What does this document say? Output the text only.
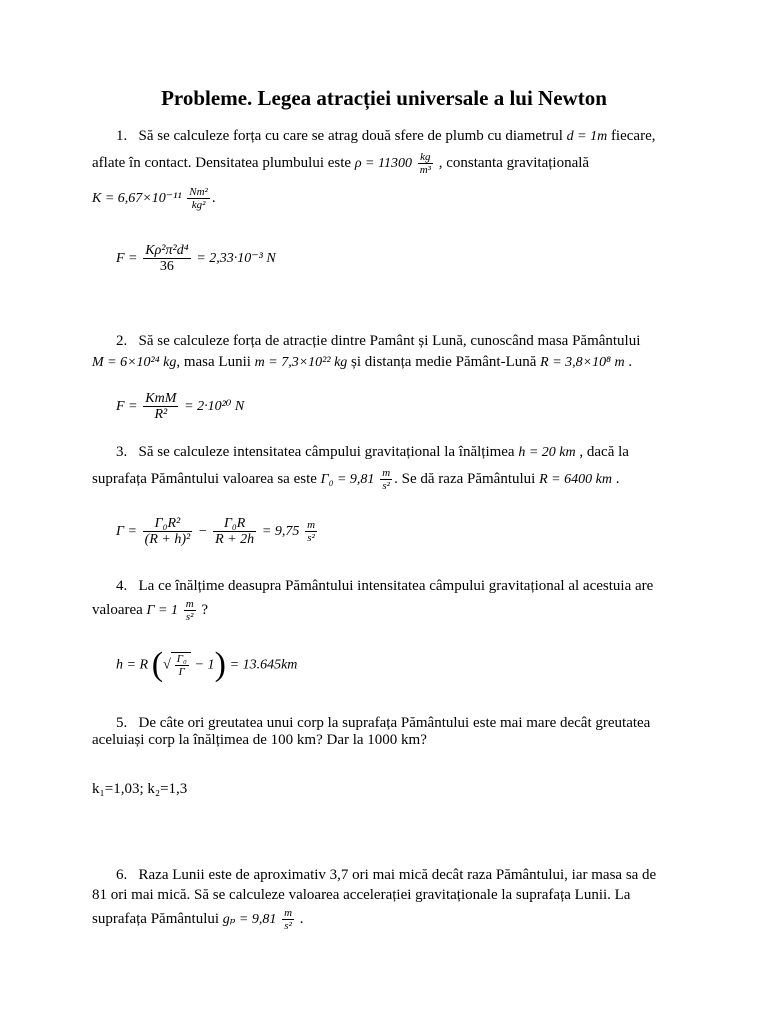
Probleme. Legea atracției universale a lui Newton
1. Să se calculeze forța cu care se atrag două sfere de plumb cu diametrul d = 1m fiecare,
aflate în contact. Densitatea plumbului este $\rho = 11300 \frac{kg}{\text{m³}}$ , constanta gravitațională
$K = 6,67\times 10^{-11} \frac{\text{Nm²}}{\text{kg²}}$ .
$F = \frac{\text{Kρ²π²d⁴}}{36} = 2,33\cdot 10^{-3}$ N
2. Să se calculeze forța de atracție dintre Pamânt și Lună, cunoscând masa Pământului
M = 6×10²⁴ kg, masa Lunii m = 7,3×10²² kg și distanța medie Pământ-Lună R = 3,8×10⁸ m .
$F = \frac{\text{KmM}}{\text{R²}} = 2\cdot 10^{20}$ N
3. Să se calculeze intensitatea câmpului gravitațional la înălțimea h = 20 km , dacă la
suprafața Pământului valoarea sa este $\Gamma_0 = 9,81 \frac{m}{\text{s²}}$ . Se dă raza Pământului R = 6400 km .
$\Gamma = \frac{\text{Γ₀R²}}{\text{(R + h)²}} - \frac{\text{Γ₀R}}{R + 2h} = 9,75 \frac{m}{\text{s²}}$
4. La ce înălțime deasupra Pământului intensitatea câmpului gravitațional al acestuia are
valoarea $\Gamma = 1 \frac{m}{\text{s²}}$ ?
h = R (√ $\frac{\text{Γ₀}}{\Gamma} - 1) = 13.645km$
5. De câte ori greutatea unui corp la suprafața Pământului este mai mare decât greutatea
aceluiași corp la înălțimea de 100 km? Dar la 1000 km?
k₁=1,03; k₂=1,3
6. Raza Lunii este de aproximativ 3,7 ori mai mică decât raza Pământului, iar masa sa de
81 ori mai mică. Să se calculeze valoarea accelerației gravitaționale la suprafața Lunii. La
suprafața Pământului $g_p = 9,81 \frac{m}{\text{s²}}$ .
